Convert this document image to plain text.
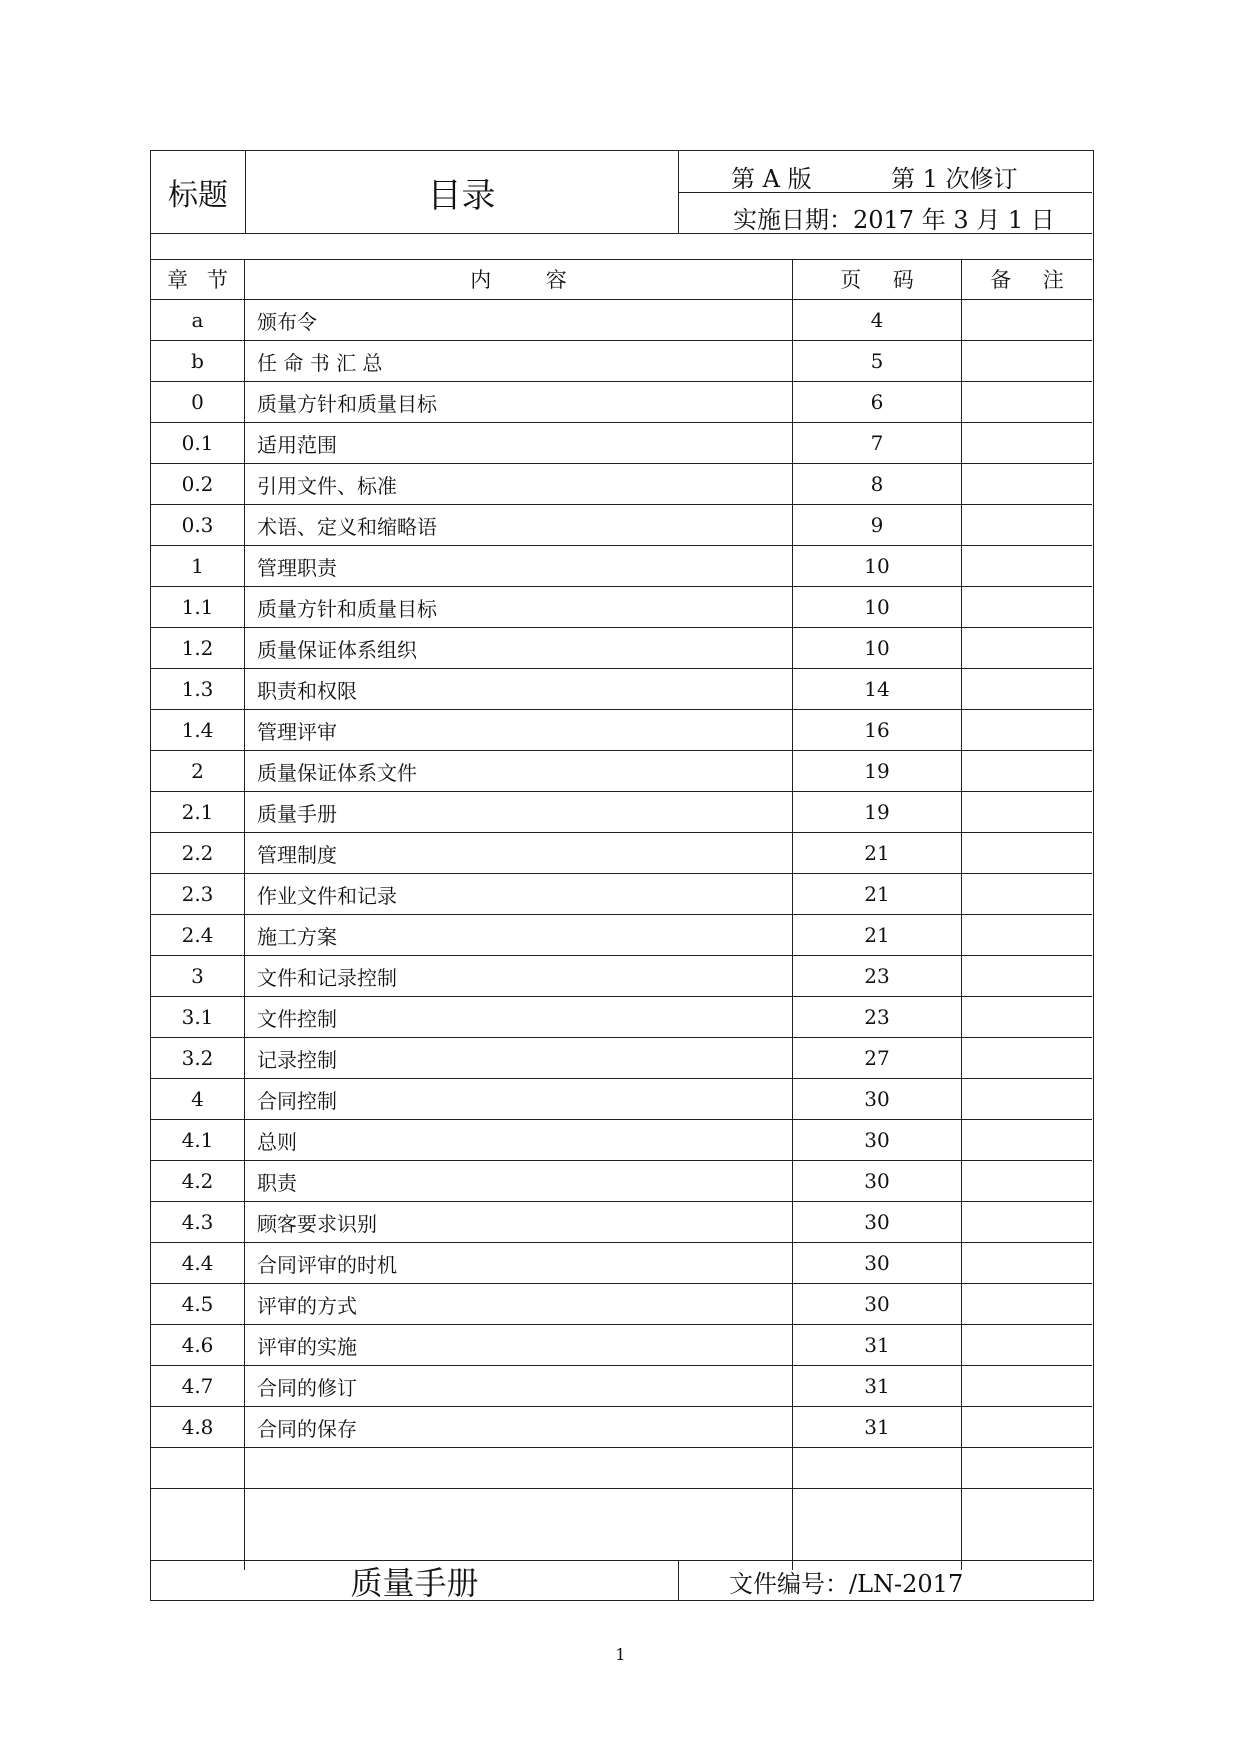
标题	目录	第 A 版	第 1 次修订
实施日期：2017 年 3 月 1 日
章节	内容	页码 备注
a	颁布令	4
b	任 命 书 汇 总	5
0	质量方针和质量目标	6
0.1	适用范围	7
0.2	引用文件、标准	8
0.3	术语、定义和缩略语	9
1	管理职责	10
1.1	质量方针和质量目标	10
1.2	质量保证体系组织	10
1.3	职责和权限	14
1.4	管理评审	16
2	质量保证体系文件	19
2.1	质量手册	19
2.2	管理制度	21
2.3	作业文件和记录	21
2.4	施工方案	21
3	文件和记录控制	23
3.1	文件控制	23
3.2	记录控制	27
4	合同控制	30
4.1	总则	30
4.2	职责	30
4.3	顾客要求识别	30
4.4	合同评审的时机	30
4.5	评审的方式	30
4.6	评审的实施	31
4.7	合同的修订	31
4.8	合同的保存	31
质量手册	文件编号：/LN-2017
1
